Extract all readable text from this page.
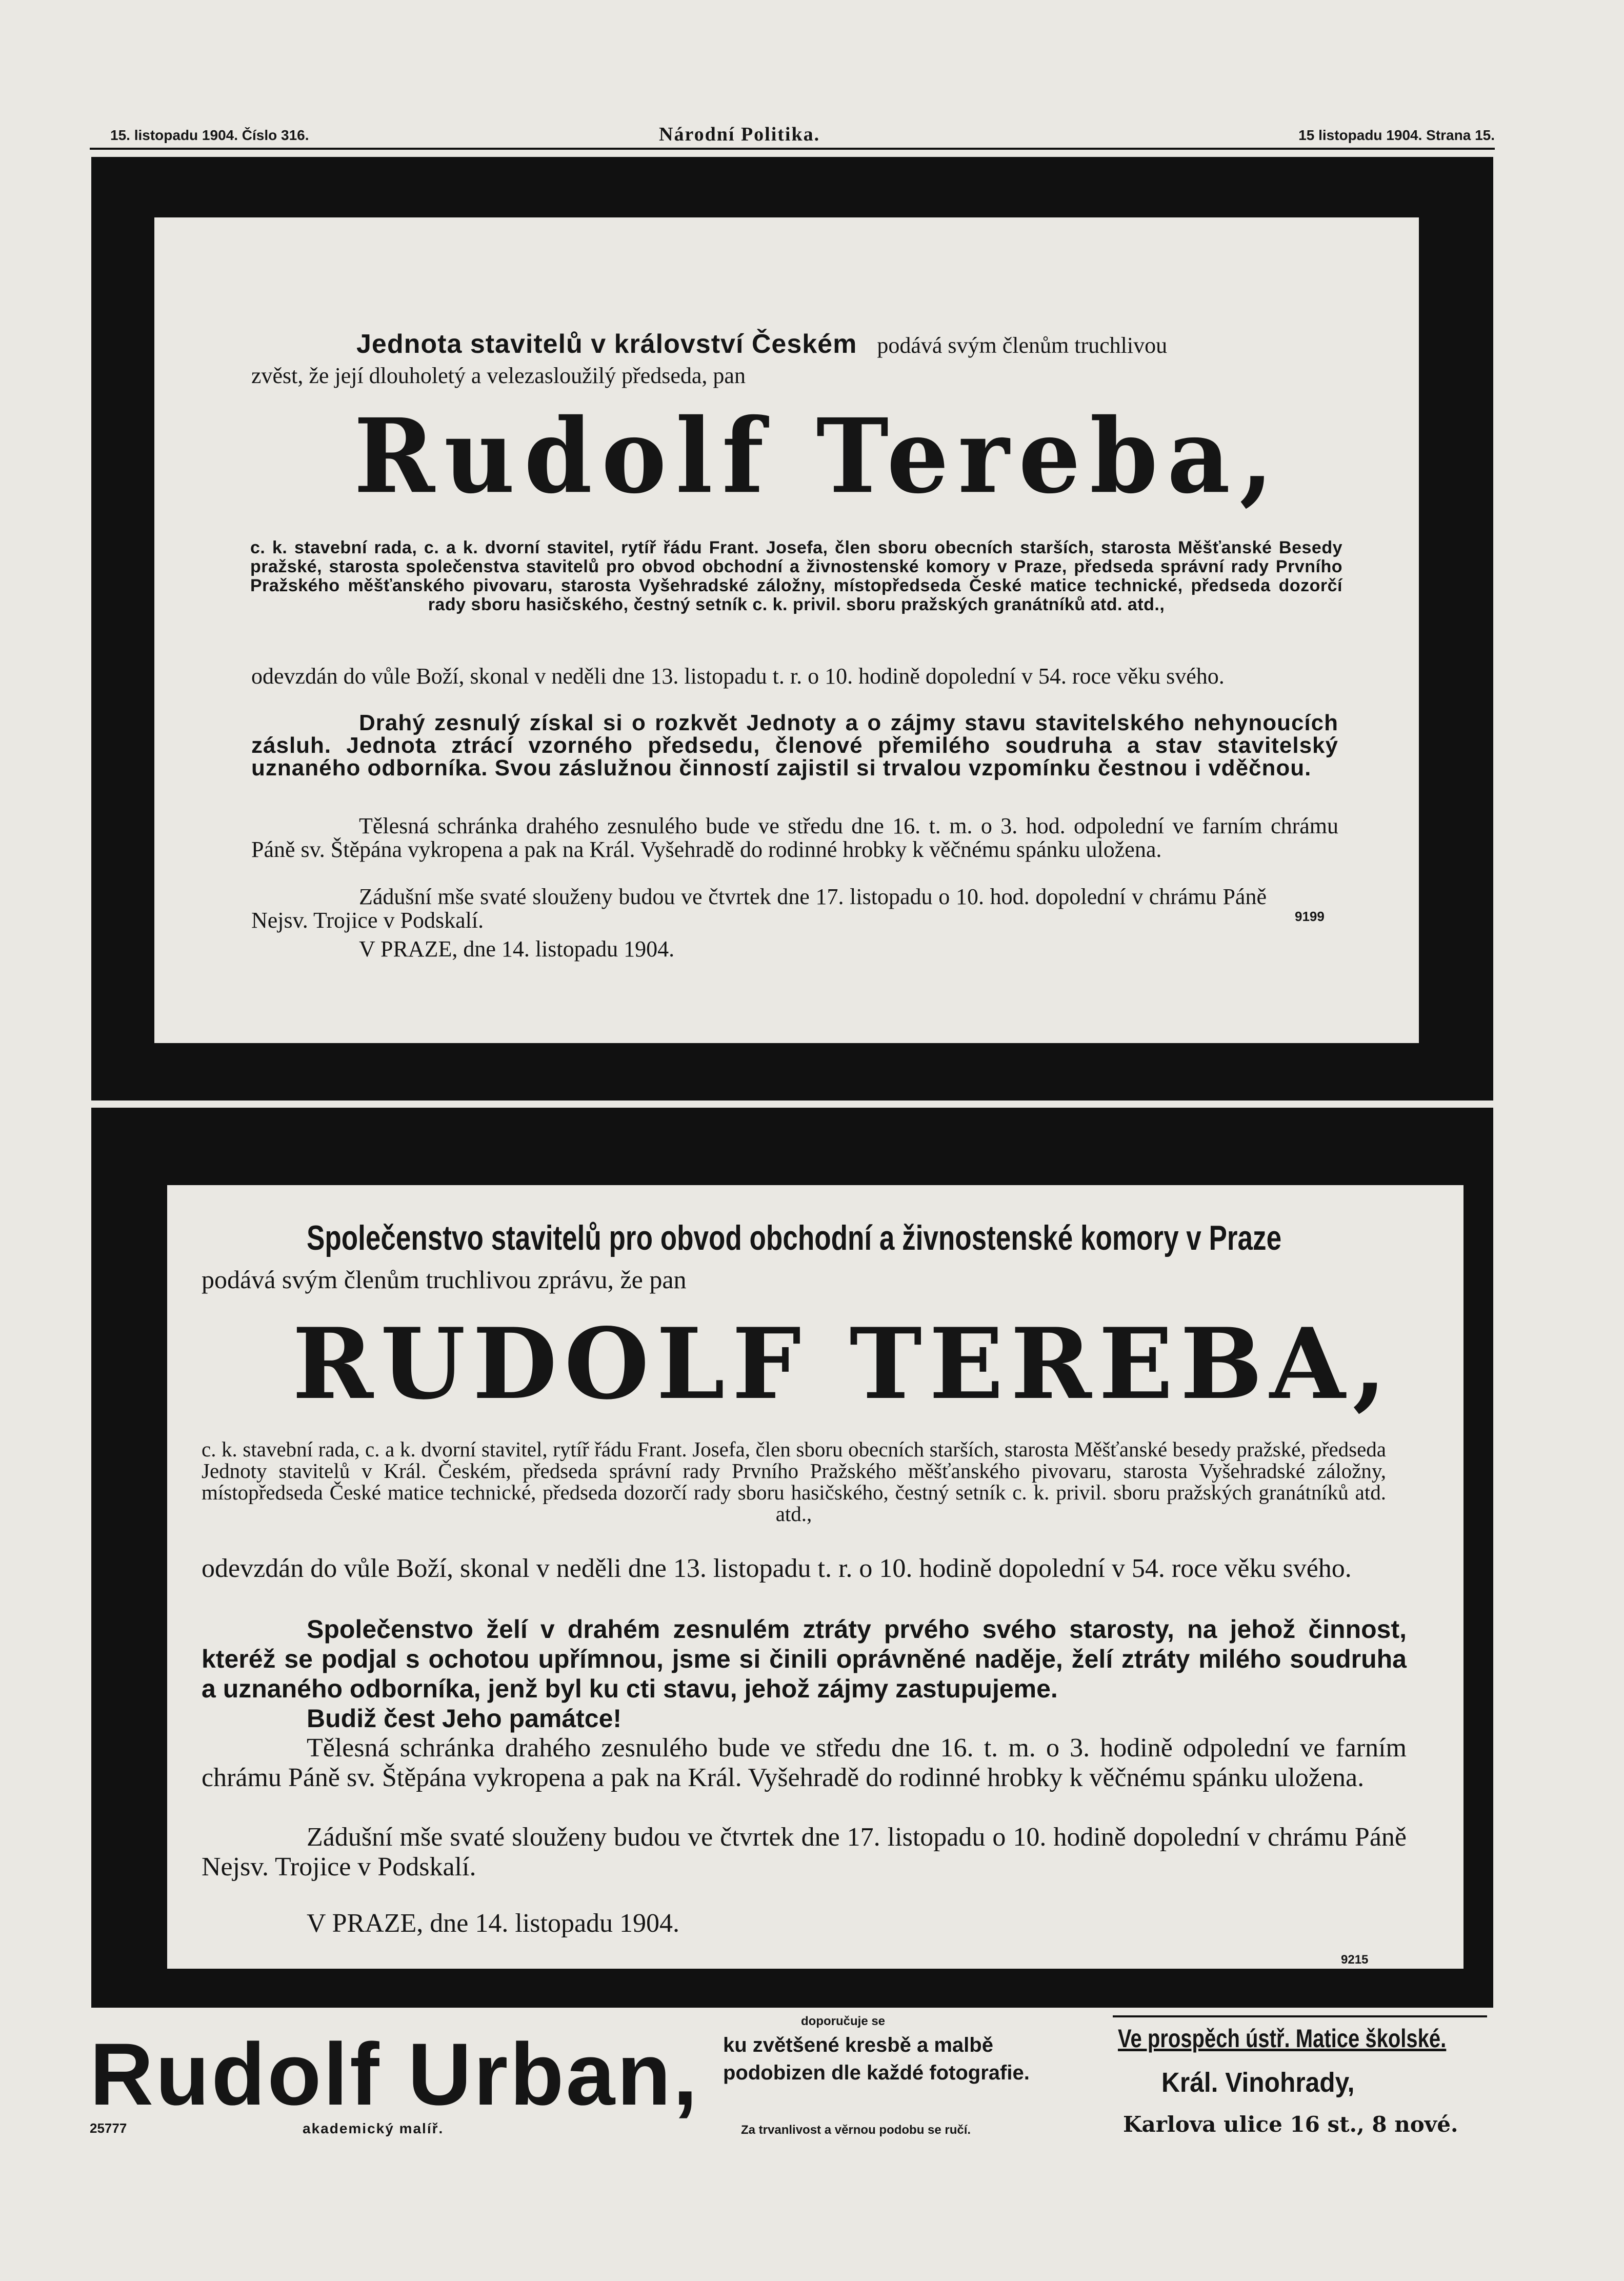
15. listopadu 1904. Číslo 316.	Národní Politika.	15 listopadu 1904. Strana 15.
Jednota stavitelů v království Českém podává svým členům truchlivou
zvěst, že její dlouholetý a velezasloužilý předseda, pan
Rudolf Tereba,
c. k. stavební rada, c. a k. dvorní stavitel, rytíř řádu Frant. Josefa, člen sboru obecních starších, starosta Měšťanské Besedy pražské, starosta společenstva stavitelů pro obvod obchodní a živnostenské komory v Praze, předseda správní rady Prvního Pražského měšťanského pivovaru, starosta Vyšehradské záložny, místopředseda České matice technické, předseda dozorčí rady sboru hasičského, čestný setník c. k. privil. sboru pražských granátníků atd. atd.,
odevzdán do vůle Boží, skonal v neděli dne 13. listopadu t. r. o 10. hodině dopolední v 54. roce věku svého.
Drahý zesnulý získal si o rozkvět Jednoty a o zájmy stavu stavitelského nehynoucích zásluh. Jednota ztrácí vzorného předsedu, členové přemilého soudruha a stav stavitelský uznaného odborníka. Svou záslužnou činností zajistil si trvalou vzpomínku čestnou i vděčnou.
Tělesná schránka drahého zesnulého bude ve středu dne 16. t. m. o 3. hod. odpolední ve farním chrámu Páně sv. Štěpána vykropena a pak na Král. Vyšehradě do rodinné hrobky k věčnému spánku uložena.
Zádušní mše svaté slouženy budou ve čtvrtek dne 17. listopadu o 10. hod. dopolední v chrámu Páně Nejsv. Trojice v Podskalí.	9199
V PRAZE, dne 14. listopadu 1904.
Společenstvo stavitelů pro obvod obchodní a živnostenské komory v Praze
podává svým členům truchlivou zprávu, že pan
RUDOLF TEREBA,
c. k. stavební rada, c. a k. dvorní stavitel, rytíř řádu Frant. Josefa, člen sboru obecních starších, starosta Měšťanské besedy pražské, předseda Jednoty stavitelů v Král. Českém, předseda správní rady Prvního Pražského měšťanského pivovaru, starosta Vyšehradské záložny, místopředseda České matice technické, předseda dozorčí rady sboru hasičského, čestný setník c. k. privil. sboru pražských granátníků atd. atd.,
odevzdán do vůle Boží, skonal v neděli dne 13. listopadu t. r. o 10. hodině dopolední v 54. roce věku svého.
Společenstvo želí v drahém zesnulém ztráty prvého svého starosty, na jehož činnost, kteréž se podjal s ochotou upřímnou, jsme si činili oprávněné naděje, želí ztráty milého soudruha a uznaného odborníka, jenž byl ku cti stavu, jehož zájmy zastupujeme.
Budiž čest Jeho památce!
Tělesná schránka drahého zesnulého bude ve středu dne 16. t. m. o 3. hodině odpolední ve farním chrámu Páně sv. Štěpána vykropena a pak na Král. Vyšehradě do rodinné hrobky k věčnému spánku uložena.
Zádušní mše svaté slouženy budou ve čtvrtek dne 17. listopadu o 10. hodině dopolední v chrámu Páně Nejsv. Trojice v Podskalí.
V PRAZE, dne 14. listopadu 1904.
9215
Rudolf Urban,
25777	akademický malíř.
doporučuje se
ku zvětšené kresbě a malbě
podobizen dle každé fotografie.
Za trvanlivost a věrnou podobu se ručí.
Ve prospěch ústř. Matice školské.
Král. Vinohrady,
Karlova ulice 16 st., 8 nové.
